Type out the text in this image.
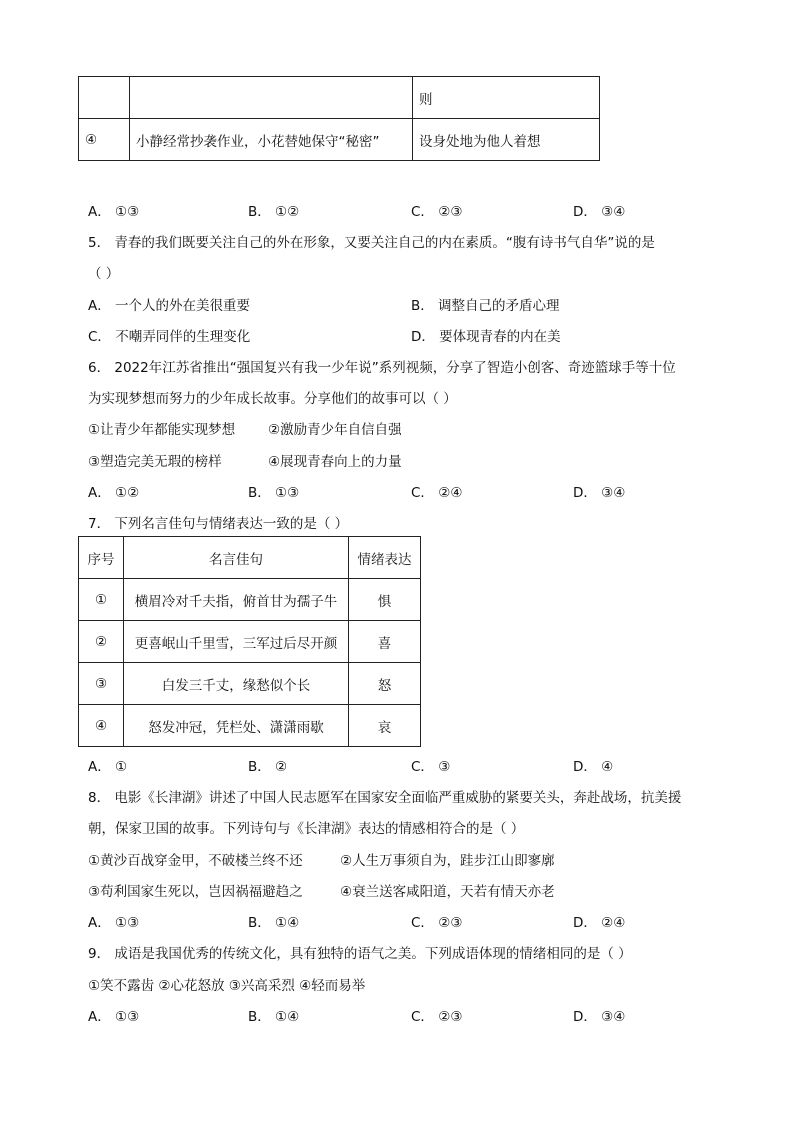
		则
④	小静经常抄袭作业，小花替她保守“秘密”	设身处地为他人着想
A． ①③	B． ①②	C． ②③	D． ③④
5． 青春的我们既要关注自己的外在形象，又要关注自己的内在素质。“腹有诗书气自华”说的是
（ ）
A． 一个人的外在美很重要	B． 调整自己的矛盾心理
C． 不嘲弄同伴的生理变化	D． 要体现青春的内在美
6． 2022年江苏省推出“强国复兴有我一少年说”系列视频，分享了智造小创客、奇迹篮球手等十位
为实现梦想而努力的少年成长故事。分享他们的故事可以（ ）
①让青少年都能实现梦想 ②激励青少年自信自强
③塑造完美无瑕的榜样	④展现青春向上的力量
A． ①②	B． ①③	C． ②④	D． ③④
7． 下列名言佳句与情绪表达一致的是（ ）
序号	名言佳句	情绪表达
①	横眉冷对千夫指，俯首甘为孺子牛	惧
②	更喜岷山千里雪，三军过后尽开颜	喜
③	白发三千丈，缘愁似个长	怒
④	怒发冲冠，凭栏处、潇潇雨歇	哀
A． ①	B． ②	C． ③	D． ④
8． 电影《长津湖》讲述了中国人民志愿军在国家安全面临严重威胁的紧要关头，奔赴战场，抗美援
朝，保家卫国的故事。下列诗句与《长津湖》表达的情感相符合的是（ ）
①黄沙百战穿金甲，不破楼兰终不还	②人生万事须自为，跬步江山即寥廓
③苟利国家生死以，岂因祸福避趋之	④衰兰送客咸阳道，天若有情天亦老
A． ①③	B． ①④	C． ②③	D． ②④
9． 成语是我国优秀的传统文化，具有独特的语气之美。下列成语体现的情绪相同的是（ ）
①笑不露齿 ②心花怒放 ③兴高采烈 ④轻而易举
A． ①③	B． ①④	C． ②③	D． ③④
